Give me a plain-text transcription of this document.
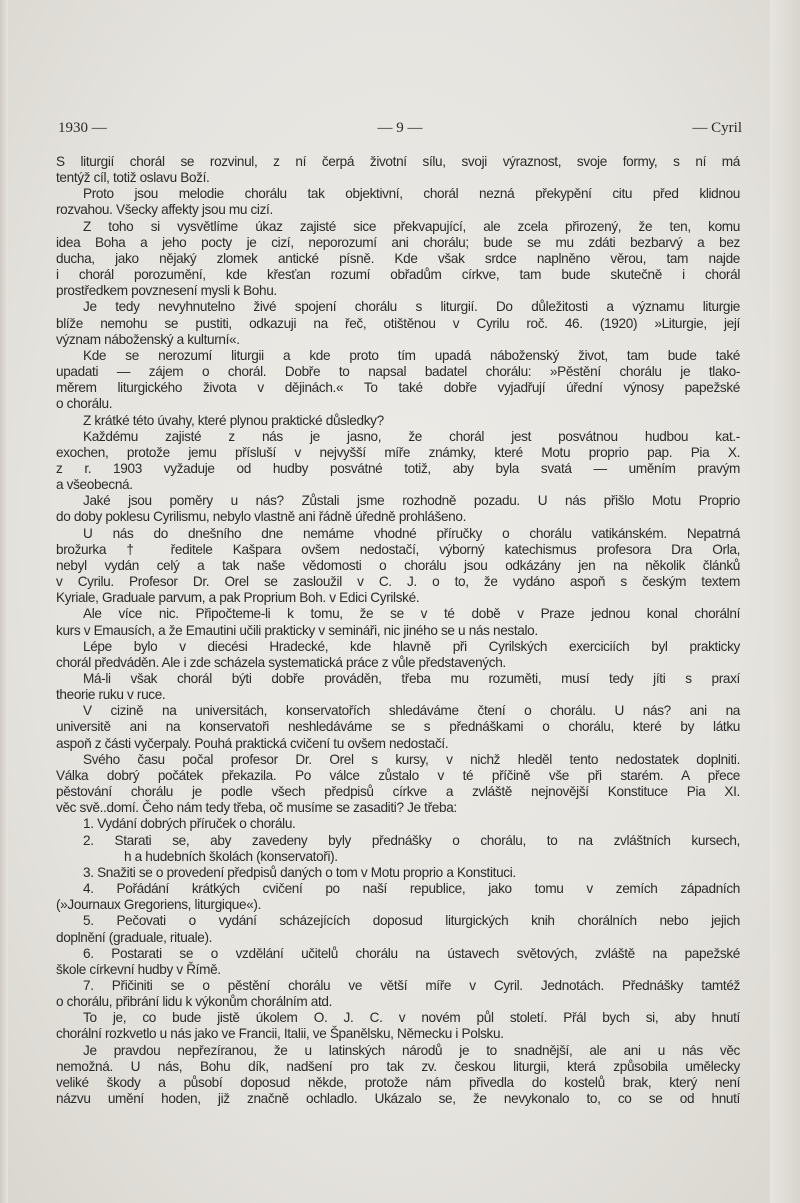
1930 —	— 9 —	— Cyril
S liturgií chorál se rozvinul, z ní čerpá životní sílu, svoji výraznost, svoje formy, s ní má
tentýž cíl, totiž oslavu Boží.
Proto jsou melodie chorálu tak objektivní, chorál nezná překypění citu před klidnou
rozvahou. Všecky affekty jsou mu cizí.
Z toho si vysvětlíme úkaz zajisté sice překvapující, ale zcela přirozený, že ten, komu
idea Boha a jeho pocty je cizí, neporozumí ani chorálu; bude se mu zdáti bezbarvý a bez
ducha, jako nějaký zlomek antické písně. Kde však srdce naplněno věrou, tam najde
i chorál porozumění, kde křesťan rozumí obřadům církve, tam bude skutečně i chorál
prostředkem povznesení mysli k Bohu.
Je tedy nevyhnutelno živé spojení chorálu s liturgií. Do důležitosti a významu liturgie
blíže nemohu se pustiti, odkazuji na řeč, otištěnou v Cyrilu roč. 46. (1920) »Liturgie, její
význam náboženský a kulturní«.
Kde se nerozumí liturgii a kde proto tím upadá náboženský život, tam bude také
upadati — zájem o chorál. Dobře to napsal badatel chorálu: »Pěstění chorálu je tlako-
měrem liturgického života v dějinách.« To také dobře vyjadřují úřední výnosy papežské
o chorálu.
Z krátké této úvahy, které plynou praktické důsledky?
Každému zajisté z nás je jasno, že chorál jest posvátnou hudbou kat.-
exochen, protože jemu přísluší v nejvyšší míře známky, které Motu proprio pap. Pia X.
z r. 1903 vyžaduje od hudby posvátné totiž, aby byla svatá — uměním pravým
a všeobecná.
Jaké jsou poměry u nás? Zůstali jsme rozhodně pozadu. U nás přišlo Motu Proprio
do doby poklesu Cyrilismu, nebylo vlastně ani řádně úředně prohlášeno.
U nás do dnešního dne nemáme vhodné příručky o chorálu vatikánském. Nepatrná
brožurka † ředitele Kašpara ovšem nedostačí, výborný katechismus profesora Dra Orla,
nebyl vydán celý a tak naše vědomosti o chorálu jsou odkázány jen na několik článků
v Cyrilu. Profesor Dr. Orel se zasloužil v C. J. o to, že vydáno aspoň s českým textem
Kyriale, Graduale parvum, a pak Proprium Boh. v Edici Cyrilské.
Ale více nic. Připočteme-li k tomu, že se v té době v Praze jednou konal chorální
kurs v Emausích, a že Emautini učili prakticky v semináři, nic jiného se u nás nestalo.
Lépe bylo v diecési Hradecké, kde hlavně při Cyrilských exerciciích byl prakticky
chorál předváděn. Ale i zde scházela systematická práce z vůle představených.
Má-li však chorál býti dobře prováděn, třeba mu rozuměti, musí tedy jíti s praxí
theorie ruku v ruce.
V cizině na universitách, konservatořích shledáváme čtení o chorálu. U nás? ani na
universitě ani na konservatoři neshledáváme se s přednáškami o chorálu, které by látku
aspoň z části vyčerpaly. Pouhá praktická cvičení tu ovšem nedostačí.
Svého času počal profesor Dr. Orel s kursy, v nichž hleděl tento nedostatek doplniti.
Válka dobrý počátek překazila. Po válce zůstalo v té příčině vše při starém. A přece
pěstování chorálu je podle všech předpisů církve a zvláště nejnovější Konstituce Pia XI.
věc svě..domí. Čeho nám tedy třeba, oč musíme se zasaditi? Je třeba:
1. Vydání dobrých příruček o chorálu.
2. Starati se, aby zavedeny byly přednášky o chorálu, to na zvláštních kursech,
h a hudebních školách (konservatoři).
3. Snažiti se o provedení předpisů daných o tom v Motu proprio a Konstituci.
4. Pořádání krátkých cvičení po naší republice, jako tomu v zemích západních
(»Journaux Gregoriens, liturgique«).
5. Pečovati o vydání scházejících doposud liturgických knih chorálních nebo jejich
doplnění (graduale, rituale).
6. Postarati se o vzdělání učitelů chorálu na ústavech světových, zvláště na papežské
škole církevní hudby v Římě.
7. Přičiniti se o pěstění chorálu ve větší míře v Cyril. Jednotách. Přednášky tamtéž
o chorálu, přibrání lidu k výkonům chorálním atd.
To je, co bude jistě úkolem O. J. C. v novém půl století. Přál bych si, aby hnutí
chorální rozkvetlo u nás jako ve Francii, Italii, ve Španělsku, Německu i Polsku.
Je pravdou nepřezíranou, že u latinských národů je to snadnější, ale ani u nás věc
nemožná. U nás, Bohu dík, nadšení pro tak zv. českou liturgii, která způsobila umělecky
veliké škody a působí doposud někde, protože nám přivedla do kostelů brak, který není
názvu umění hoden, již značně ochladlo. Ukázalo se, že nevykonalo to, co se od hnutí
